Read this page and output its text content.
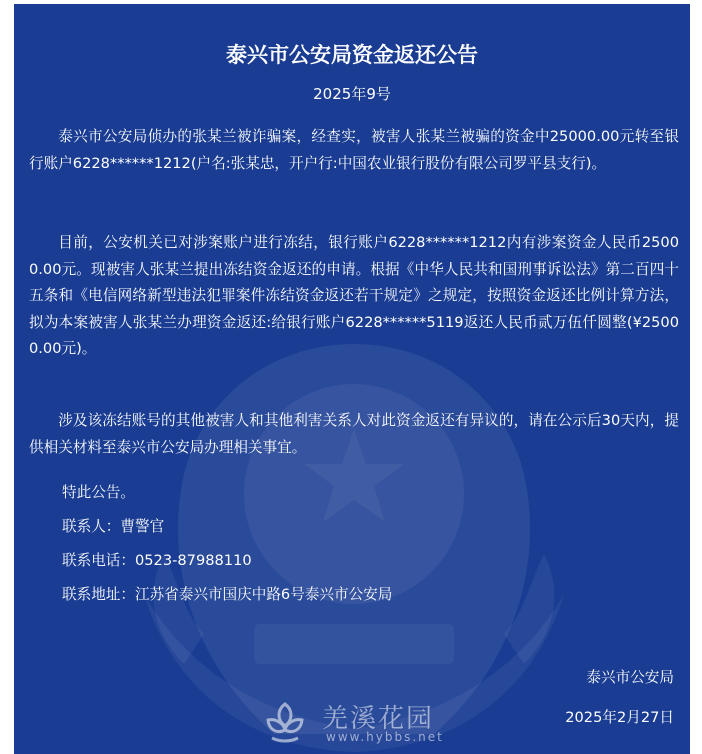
泰兴市公安局资金返还公告
2025年9号

泰兴市公安局侦办的张某兰被诈骗案，经查实，被害人张某兰被骗的资金中25000.00元转至银行账户6228******1212(户名:张某忠，开户行:中国农业银行股份有限公司罗平县支行)。

目前，公安机关已对涉案账户进行冻结，银行账户6228******1212内有涉案资金人民币25000.00元。现被害人张某兰提出冻结资金返还的申请。根据《中华人民共和国刑事诉讼法》第二百四十五条和《电信网络新型违法犯罪案件冻结资金返还若干规定》之规定，按照资金返还比例计算方法，拟为本案被害人张某兰办理资金返还:给银行账户6228******5119返还人民币贰万伍仟圆整(¥25000.00元)。

涉及该冻结账号的其他被害人和其他利害关系人对此资金返还有异议的，请在公示后30天内，提供相关材料至泰兴市公安局办理相关事宜。

特此公告。
联系人：曹警官
联系电话：0523-87988110
联系地址：江苏省泰兴市国庆中路6号泰兴市公安局
泰兴市公安局
2025年2月27日
羌溪花园
www.hybbs.net
